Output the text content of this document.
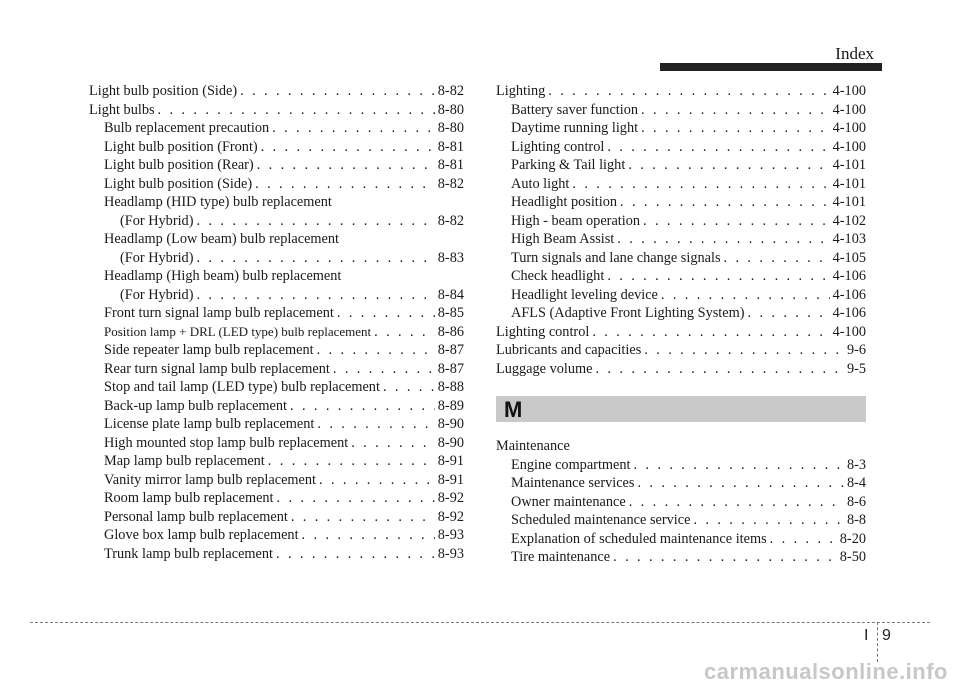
Index
Light bulb position (Side) . . .	8-82
Light bulbs . . .	8-80
Bulb replacement precaution . . .	8-80
Light bulb position (Front) . . .	8-81
Light bulb position (Rear) . . .	8-81
Light bulb position (Side) . . .	8-82
Headlamp (HID type) bulb replacement
(For Hybrid) . . .	8-82
Headlamp (Low beam) bulb replacement
(For Hybrid) . . .	8-83
Headlamp (High beam) bulb replacement
(For Hybrid) . . .	8-84
Front turn signal lamp bulb replacement . . .	8-85
Position lamp + DRL (LED type) bulb replacement . . .	8-86
Side repeater lamp bulb replacement . . .	8-87
Rear turn signal lamp bulb replacement . . .	8-87
Stop and tail lamp (LED type) bulb replacement . . .	8-88
Back-up lamp bulb replacement . . .	8-89
License plate lamp bulb replacement . . .	8-90
High mounted stop lamp bulb replacement . . .	8-90
Map lamp bulb replacement . . .	8-91
Vanity mirror lamp bulb replacement . . .	8-91
Room lamp bulb replacement . . .	8-92
Personal lamp bulb replacement . . .	8-92
Glove box lamp bulb replacement . . .	8-93
Trunk lamp bulb replacement . . .	8-93
Lighting . . .	4-100
Battery saver function . . .	4-100
Daytime running light . . .	4-100
Lighting control . . .	4-100
Parking & Tail light . . .	4-101
Auto light . . .	4-101
Headlight position . . .	4-101
High - beam operation . . .	4-102
High Beam Assist . . .	4-103
Turn signals and lane change signals . . .	4-105
Check headlight . . .	4-106
Headlight leveling device . . .	4-106
AFLS (Adaptive Front Lighting System) . . .	4-106
Lighting control . . .	4-100
Lubricants and capacities . . .	9-6
Luggage volume . . .	9-5
M
Maintenance
Engine compartment . . .	8-3
Maintenance services . . .	8-4
Owner maintenance . . .	8-6
Scheduled maintenance service . . .	8-8
Explanation of scheduled maintenance items . . .	8-20
Tire maintenance . . .	8-50
I 9
carmanualsonline.info
